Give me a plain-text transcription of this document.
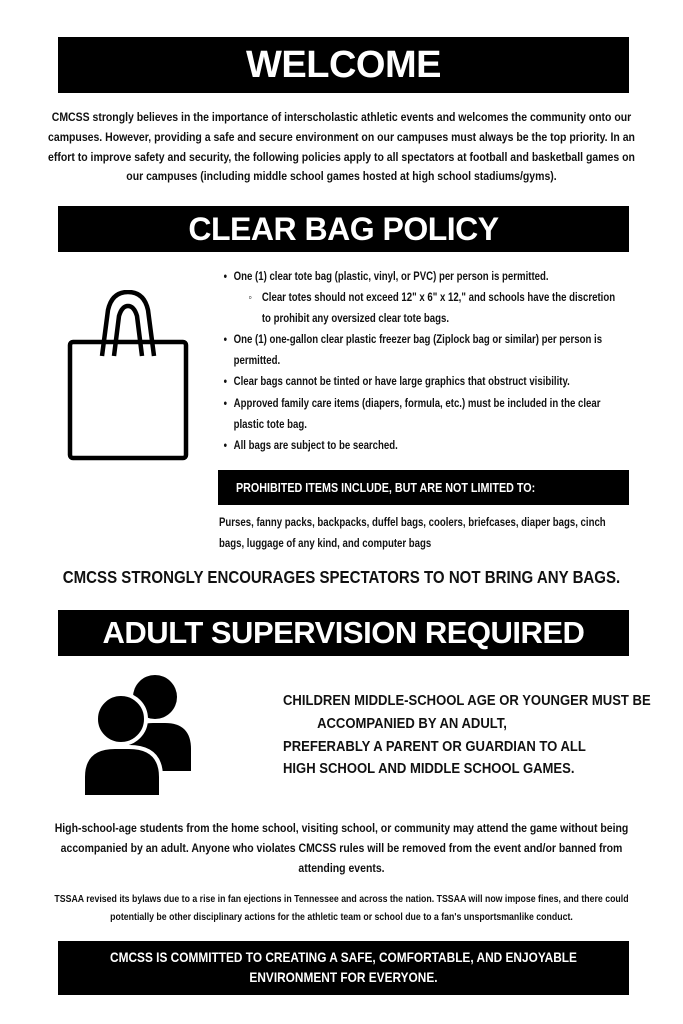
WELCOME
CMCSS strongly believes in the importance of interscholastic athletic events and welcomes the community onto our campuses. However, providing a safe and secure environment on our campuses must always be the top priority. In an effort to improve safety and security, the following policies apply to all spectators at football and basketball games on our campuses (including middle school games hosted at high school stadiums/gyms).
CLEAR BAG POLICY
• One (1) clear tote bag (plastic, vinyl, or PVC) per person is permitted.
◦ Clear totes should not exceed 12" x 6" x 12," and schools have the discretion to prohibit any oversized clear tote bags.
• One (1) one-gallon clear plastic freezer bag (Ziplock bag or similar) per person is permitted.
• Clear bags cannot be tinted or have large graphics that obstruct visibility.
• Approved family care items (diapers, formula, etc.) must be included in the clear plastic tote bag.
• All bags are subject to be searched.
PROHIBITED ITEMS INCLUDE, BUT ARE NOT LIMITED TO:
Purses, fanny packs, backpacks, duffel bags, coolers, briefcases, diaper bags, cinch bags, luggage of any kind, and computer bags
CMCSS STRONGLY ENCOURAGES SPECTATORS TO NOT BRING ANY BAGS.
ADULT SUPERVISION REQUIRED
CHILDREN MIDDLE-SCHOOL AGE OR YOUNGER MUST BE
ACCOMPANIED BY AN ADULT,
PREFERABLY A PARENT OR GUARDIAN TO ALL
HIGH SCHOOL AND MIDDLE SCHOOL GAMES.
High-school-age students from the home school, visiting school, or community may attend the game without being accompanied by an adult. Anyone who violates CMCSS rules will be removed from the event and/or banned from attending events.
TSSAA revised its bylaws due to a rise in fan ejections in Tennessee and across the nation. TSSAA will now impose fines, and there could potentially be other disciplinary actions for the athletic team or school due to a fan's unsportsmanlike conduct.
CMCSS IS COMMITTED TO CREATING A SAFE, COMFORTABLE, AND ENJOYABLE
ENVIRONMENT FOR EVERYONE.
